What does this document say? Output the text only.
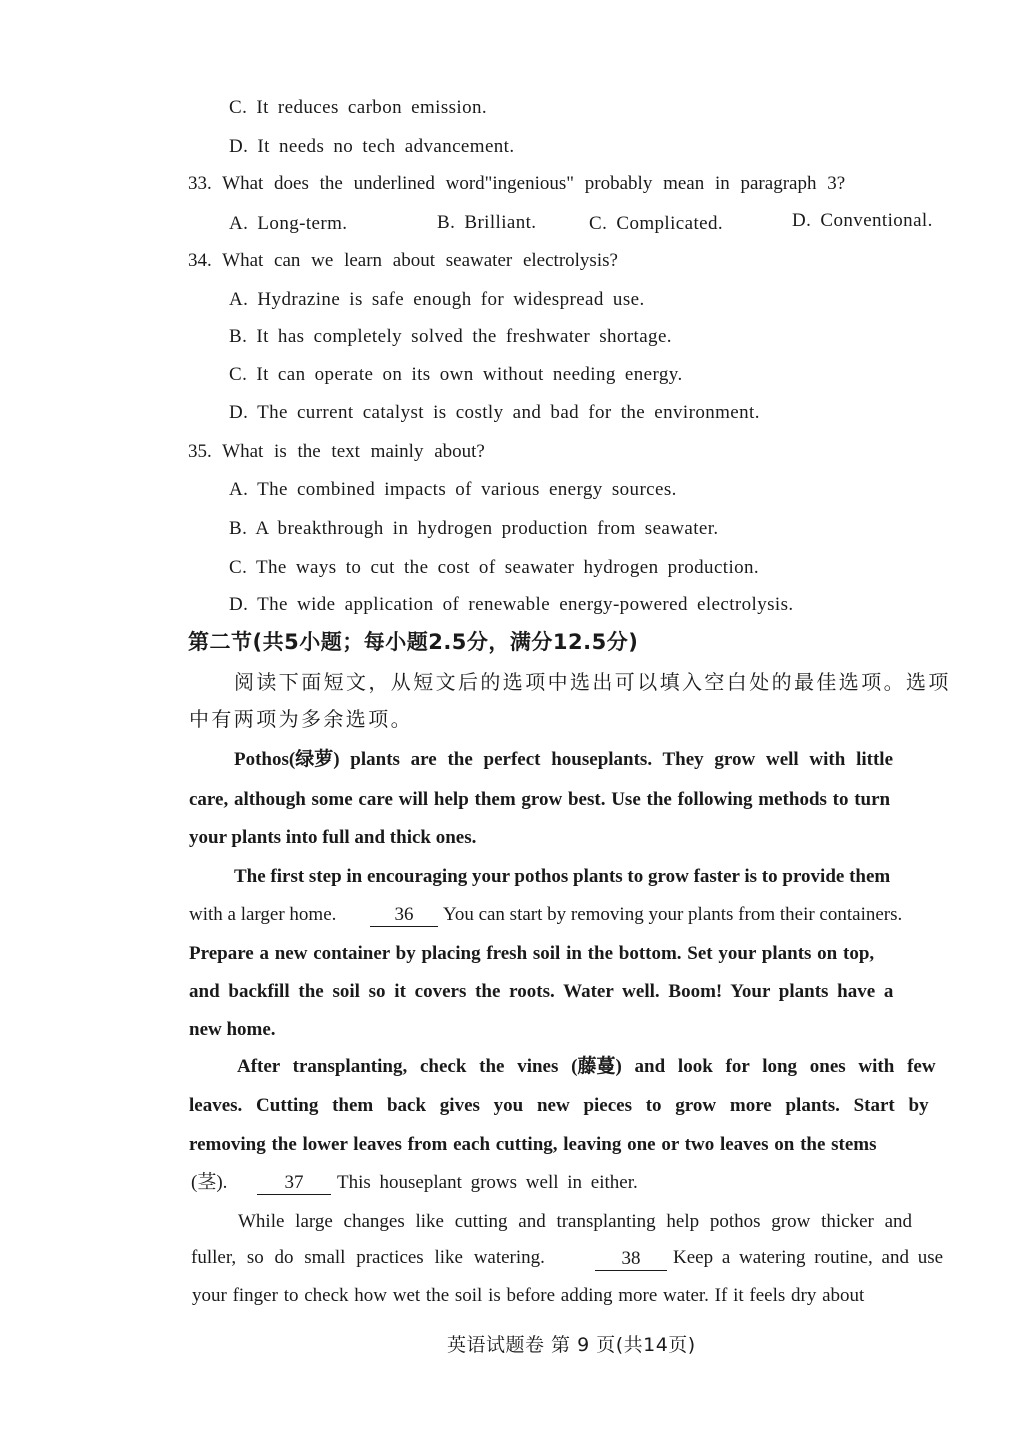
C. It reduces carbon emission.
D. It needs no tech advancement.
33. What does the underlined word"ingenious" probably mean in paragraph 3?
A. Long-term.	B. Brilliant.	C. Complicated.	D. Conventional.
34. What can we learn about seawater electrolysis?
A. Hydrazine is safe enough for widespread use.
B. It has completely solved the freshwater shortage.
C. It can operate on its own without needing energy.
D. The current catalyst is costly and bad for the environment.
35. What is the text mainly about?
A. The combined impacts of various energy sources.
B. A breakthrough in hydrogen production from seawater.
C. The ways to cut the cost of seawater hydrogen production.
D. The wide application of renewable energy-powered electrolysis.
第二节(共5小题；每小题2.5分，满分12.5分)
阅读下面短文，从短文后的选项中选出可以填入空白处的最佳选项。选项
中有两项为多余选项。
Pothos(绿萝) plants are the perfect houseplants. They grow well with little
care, although some care will help them grow best. Use the following methods to turn
your plants into full and thick ones.
The first step in encouraging your pothos plants to grow faster is to provide them
with a larger home.	36	You can start by removing your plants from their containers.
Prepare a new container by placing fresh soil in the bottom. Set your plants on top,
and backfill the soil so it covers the roots. Water well. Boom! Your plants have a
new home.
After transplanting, check the vines (藤蔓) and look for long ones with few
leaves. Cutting them back gives you new pieces to grow more plants. Start by
removing the lower leaves from each cutting, leaving one or two leaves on the stems
(茎).	37	This houseplant grows well in either.
While large changes like cutting and transplanting help pothos grow thicker and
fuller, so do small practices like watering.	38	Keep a watering routine, and use
your finger to check how wet the soil is before adding more water. If it feels dry about
英语试题卷 第 9 页(共14页)
